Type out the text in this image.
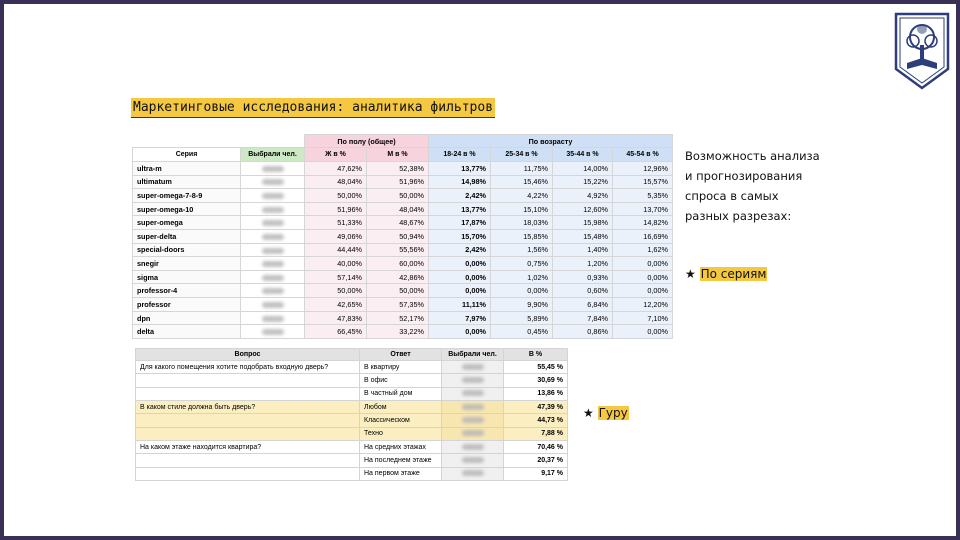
Маркетинговые исследования: аналитика фильтров
		По полу (общее)		По возрасту			
Серия	Выбрали чел.	Ж в %	М в %	18-24 в %	25-34 в %	35-44 в %	45-54 в %
ultra-m		47,62%	52,38%	13,77%	11,75%	14,00%	12,96%
ultimatum		48,04%	51,96%	14,98%	15,46%	15,22%	15,57%
super-omega-7-8-9		50,00%	50,00%	2,42%	4,22%	4,92%	5,35%
super-omega-10		51,96%	48,04%	13,77%	15,10%	12,60%	13,70%
super-omega		51,33%	48,67%	17,87%	18,03%	15,98%	14,82%
super-delta		49,06%	50,94%	15,70%	15,85%	15,48%	16,69%
special-doors		44,44%	55,56%	2,42%	1,56%	1,40%	1,62%
snegir		40,00%	60,00%	0,00%	0,75%	1,20%	0,00%
sigma		57,14%	42,86%	0,00%	1,02%	0,93%	0,00%
professor-4		50,00%	50,00%	0,00%	0,00%	0,60%	0,00%
professor		42,65%	57,35%	11,11%	9,90%	6,84%	12,20%
dpn		47,83%	52,17%	7,97%	5,89%	7,84%	7,10%
delta		66,45%	33,22%	0,00%	0,45%	0,86%	0,00%
Вопрос	Ответ	Выбрали чел.	В %
Для какого помещения хотите подобрать входную дверь?	В квартиру		55,45 %
	В офис		30,69 %
	В частный дом		13,86 %
В каком стиле должна быть дверь?	Любом		47,39 %
	Классическом		44,73 %
	Техно		7,88 %
На каком этаже находится квартира?	На средних этажах		70,46 %
	На последнем этаже		20,37 %
	На первом этаже		9,17 %
Возможность анализа и прогнозирования спроса в самых разных разрезах:
★ По сериям
★ Гуру
